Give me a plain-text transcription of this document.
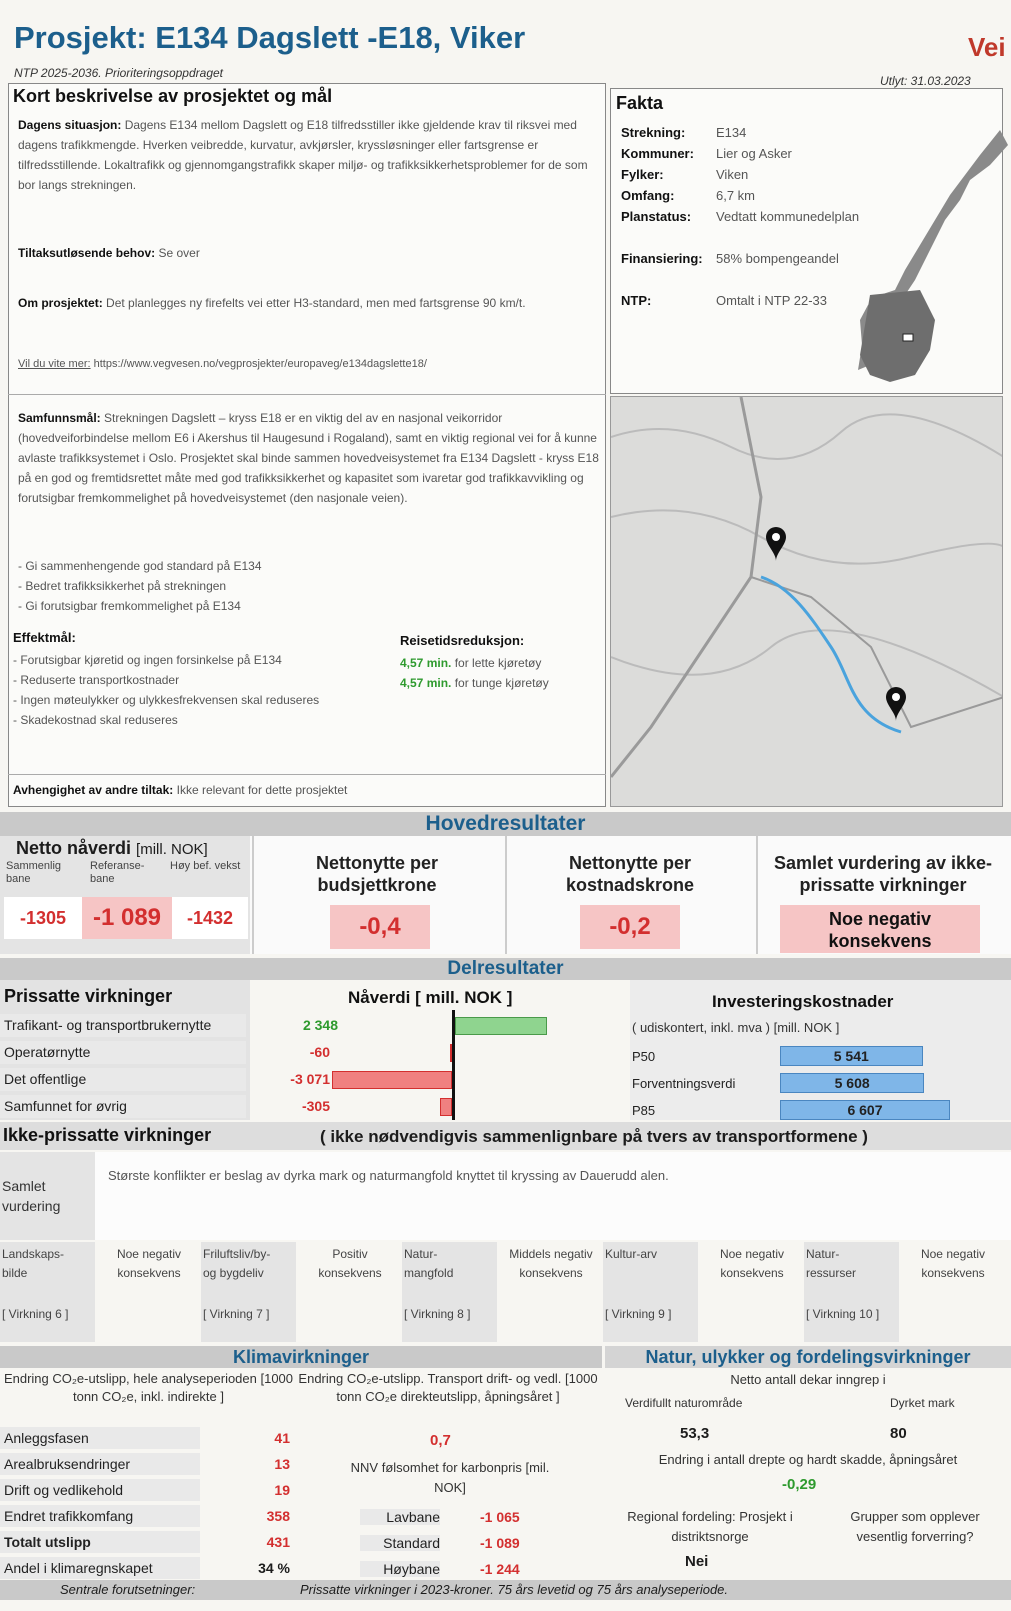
Prosjekt: E134 Dagslett -E18, Viker	Vei
NTP 2025-2036. Prioriteringsoppdraget
Utlyt: 31.03.2023
Kort beskrivelse av prosjektet og mål
Dagens situasjon: Dagens E134 mellom Dagslett og E18 tilfredsstiller ikke gjeldende krav til riksvei med dagens trafikkmengde. Hverken veibredde, kurvatur, avkjørsler, kryssløsninger eller fartsgrense er tilfredsstillende. Lokaltrafikk og gjennomgangstrafikk skaper miljø- og trafikksikkerhetsproblemer for de som bor langs strekningen.
Tiltaksutløsende behov: Se over
Om prosjektet: Det planlegges ny firefelts vei etter H3-standard, men med fartsgrense 90 km/t.
Vil du vite mer: https://www.vegvesen.no/vegprosjekter/europaveg/e134dagslette18/
Samfunnsmål: Strekningen Dagslett – kryss E18 er en viktig del av en nasjonal veikorridor (hovedveiforbindelse mellom E6 i Akershus til Haugesund i Rogaland), samt en viktig regional vei for å kunne avlaste trafikksystemet i Oslo. Prosjektet skal binde sammen hovedveisystemet fra E134 Dagslett - kryss E18 på en god og fremtidsrettet måte med god trafikksikkerhet og kapasitet som ivaretar god trafikkavvikling og forutsigbar fremkommelighet på hovedveisystemet (den nasjonale veien).
- Gi sammenhengende god standard på E134
- Bedret trafikksikkerhet på strekningen
- Gi forutsigbar fremkommelighet på E134
Effektmål:
- Forutsigbar kjøretid og ingen forsinkelse på E134
- Reduserte transportkostnader
- Ingen møteulykker og ulykkesfrekvensen skal reduseres
- Skadekostnad skal reduseres
Reisetidsreduksjon:
4,57 min. for lette kjøretøy
4,57 min. for tunge kjøretøy
Avhengighet av andre tiltak: Ikke relevant for dette prosjektet
Fakta
Strekning:	E134
Kommuner:	Lier og Asker
Fylker:	Viken
Omfang:	6,7 km
Planstatus:	Vedtatt kommunedelplan
Finansiering:	58% bompengeandel
NTP:	Omtalt i NTP 22-33
Hovedresultater
Netto nåverdi [mill. NOK]
Sammenlig bane
Referanse-bane
Høy bef. vekst
-1305	-1 089	-1432
Nettonytte per budsjettkrone
-0,4
Nettonytte per kostnadskrone
-0,2
Samlet vurdering av ikke-prissatte virkninger
Noe negativ konsekvens
Delresultater
Prissatte virkninger	Nåverdi [ mill. NOK ]
Trafikant- og transportbrukernytte	2 348
Operatørnytte	-60
Det offentlige	-3 071
Samfunnet for øvrig	-305
Investeringskostnader
( udiskontert, inkl. mva ) [mill. NOK ]
P50	5 541
Forventningsverdi	5 608
P85	6 607
Ikke-prissatte virkninger	( ikke nødvendigvis sammenlignbare på tvers av transportformene )
Samlet vurdering
Største konflikter er beslag av dyrka mark og naturmangfold knyttet til kryssing av Dauerudd alen.
Landskaps-bilde
[ Virkning 6 ]
Noe negativ konsekvens
Friluftsliv/by- og bygdeliv
[ Virkning 7 ]
Positiv konsekvens
Natur-mangfold
[ Virkning 8 ]
Middels negativ konsekvens
Kultur-arv
[ Virkning 9 ]
Noe negativ konsekvens
Natur-ressurser
[ Virkning 10 ]
Noe negativ konsekvens
Klimavirkninger
Endring CO₂e-utslipp, hele analyseperioden [1000 tonn CO₂e, inkl. indirekte ]
Endring CO₂e-utslipp. Transport drift- og vedl. [1000 tonn CO₂e direkteutslipp, åpningsåret ]
Anleggsfasen	41
Arealbruksendringer	13
Drift og vedlikehold	19
Endret trafikkomfang	358
Totalt utslipp	431
Andel i klimaregnskapet	34 %
0,7
NNV følsomhet for karbonpris [mil. NOK]
Lavbane	-1 065
Standard	-1 089
Høybane	-1 244
Natur, ulykker og fordelingsvirkninger
Netto antall dekar inngrep i
Verdifullt naturområde	Dyrket mark
53,3	80
Endring i antall drepte og hardt skadde, åpningsåret
-0,29
Regional fordeling: Prosjekt i distriktsnorge
Grupper som opplever vesentlig forverring?
Nei
Sentrale forutsetninger:	Prissatte virkninger i 2023-kroner. 75 års levetid og 75 års analyseperiode.
